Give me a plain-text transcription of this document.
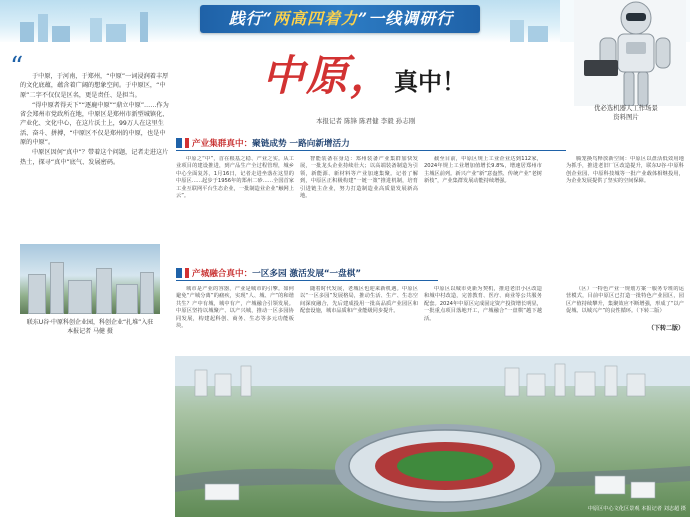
践行“两高四着力”一线调研行
“	于中原，于河南，于郑州，“中原”一词浸润着丰厚的文化底蕴，蕴含着广阔的想象空间。于中原区，“中原”二字不仅仅是区名，更是责任、是担当。

“得中原者得天下”“逐鹿中原”“鼎立中原”……作为省会郑州市党政所在地，中原区是郑州市新型城镇化、产业化、文化中心，在这片沃土上，99万人在这里生活、奋斗、拼搏，“中原区不仅是郑州的中原，也是中原的中原”。

中原区因何“真中”？带着这个问题，记者走进这片热土，探寻“真中”底气、发展密码。

联东U谷·中原科创企业园，科创企业“扎堆”入驻
本报记者 马健 摄
中原，真中！
本报记者 陈锋 陈君健 李毅 孙志刚
优必选机器人工作场景
资料图片
产业集群真中：聚链成势 一路向新增活力
中原之“中”，首在根基之稳、产业之实。从工业项目的建设推进，到产品生产全过程管理，城乡中心全面复苏，1月16日，记者走进坐落在这里的中原区……起步于1956年的郑州二砂……全国首家工业互联网平台生态企业，一批制造业企业“触网上云”。
智能装备在身边：郑州装备产业集群加快发展，一批龙头企业持续壮大；以高端装备制造为引领，新能源、新材料等产业加速集聚。记者了解到，中原区正积极构建“一链一策”推进机制，培育引进链主企业，努力打造制造业高质量发展新高地。
截至目前，中原区规上工业企业达到112家，2024年规上工业增加值增长9.8%，增速居郑州市主城区前列。新兴产业“新”意盎然、传统产业“老树新枝”，产业集群发展动能持续增强。
腾笼换鸟释放新空间：中原区以盘活低效用地为抓手，推进老旧厂区改造提升，联东U谷·中原科创企业园、中原科技城等一批产业载体相继投用，为企业发展提供了坚实的空间保障。
产城融合真中：一区多园 激活发展“一盘棋”
城市是产业的容器，产业是城市的引擎。如何避免“产城分离”的痼疾，实现“人、城、产”的和谐共生？产中有城，城中有产，产城融合引领发展。中原区坚持以城聚产、以产兴城，推动一区多园协同发展，构建起科创、商务、生态等多元功能板块。
随着时代发展，老城区也迎来新机遇。中原区以“一区多园”发展格局，推动生活、生产、生态空间深度融合，先后建成投用一批高品质产业园区和配套设施，城市品质和产业能级同步提升。
中原区以城市更新为契机，推进老旧小区改造和城中村改造，完善教育、医疗、商业等公共服务配套。2024年中原区完成固定资产投资增长明显，一批重点项目落地开工，产城融合“一盘棋”越下越活。
（区）一特色产业一规划方案一服务专班的运营模式，目前中原区已打造一批特色产业园区，园区产值持续攀升，集聚效应不断增强，形成了“以产促城、以城兴产”的良性循环。（下转二版）
（下转二版）
中原区中心文化区景观 本报记者 刘志超 摄
